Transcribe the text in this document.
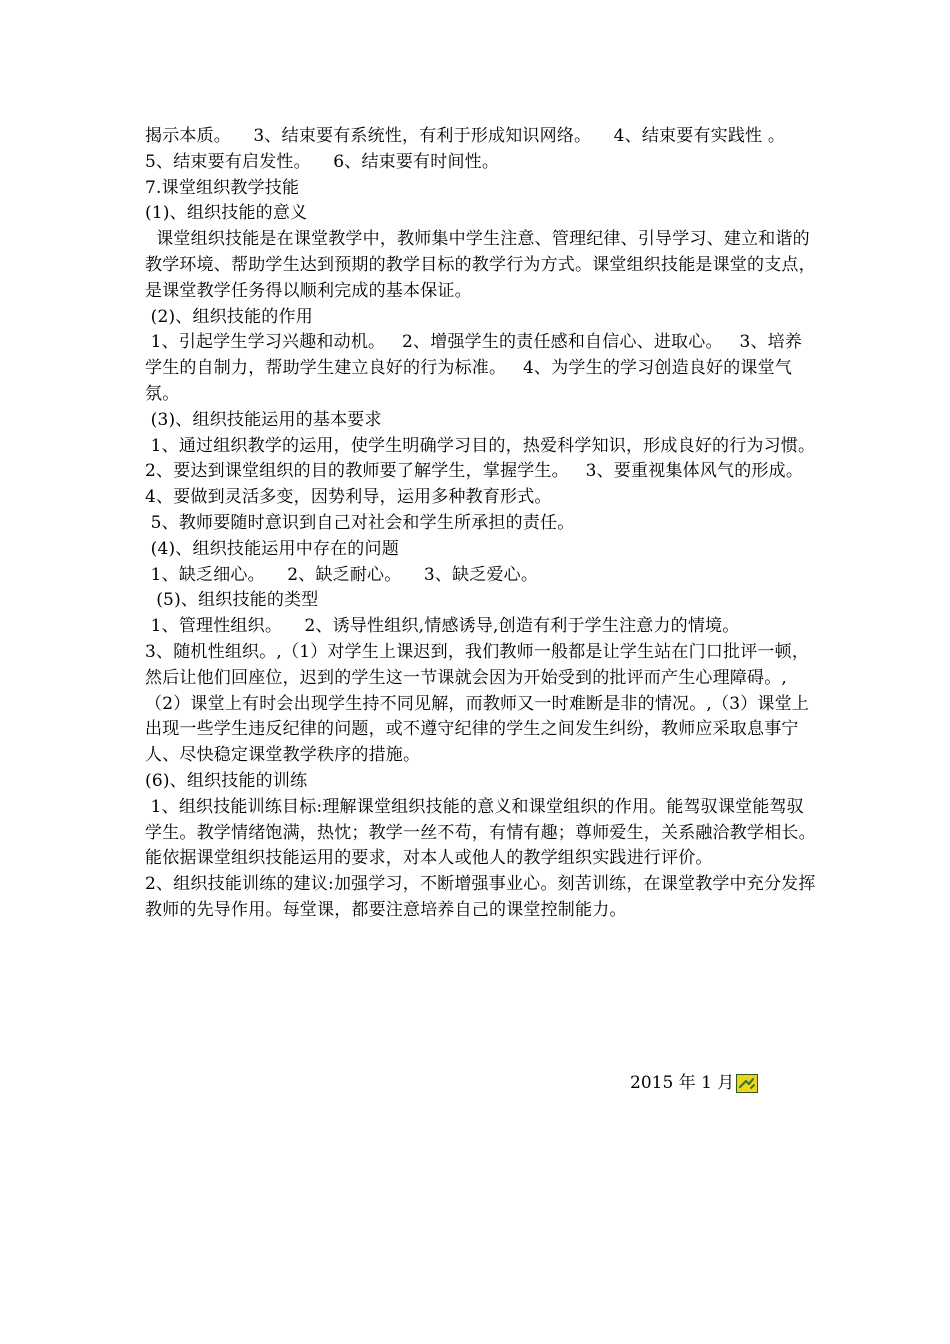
揭示本质。    3、结束要有系统性，有利于形成知识网络。    4、结束要有实践性 。    5、结束要有启发性。    6、结束要有时间性。

7.课堂组织教学技能

(1)、组织技能的意义

课堂组织技能是在课堂教学中，教师集中学生注意、管理纪律、引导学习、建立和谐的教学环境、帮助学生达到预期的教学目标的教学行为方式。课堂组织技能是课堂的支点，是课堂教学任务得以顺利完成的基本保证。

(2)、组织技能的作用

1、引起学生学习兴趣和动机。   2、增强学生的责任感和自信心、进取心。   3、培养学生的自制力，帮助学生建立良好的行为标准。   4、为学生的学习创造良好的课堂气氛。

(3)、组织技能运用的基本要求

1、通过组织教学的运用，使学生明确学习目的，热爱科学知识，形成良好的行为习惯。   2、要达到课堂组织的目的教师要了解学生，掌握学生。   3、要重视集体风气的形成。    4、要做到灵活多变，因势利导，运用多种教育形式。

5、教师要随时意识到自己对社会和学生所承担的责任。

(4)、组织技能运用中存在的问题

1、缺乏细心。    2、缺乏耐心。    3、缺乏爱心。

(5)、组织技能的类型

1、管理性组织。    2、诱导性组织,情感诱导,创造有利于学生注意力的情境。

3、随机性组织。,（1）对学生上课迟到，我们教师一般都是让学生站在门口批评一顿，然后让他们回座位，迟到的学生这一节课就会因为开始受到的批评而产生心理障碍。,（2）课堂上有时会出现学生持不同见解，而教师又一时难断是非的情况。,（3）课堂上出现一些学生违反纪律的问题，或不遵守纪律的学生之间发生纠纷，教师应采取息事宁人、尽快稳定课堂教学秩序的措施。

(6)、组织技能的训练

1、组织技能训练目标:理解课堂组织技能的意义和课堂组织的作用。能驾驭课堂能驾驭学生。教学情绪饱满，热忱；教学一丝不苟，有情有趣；尊师爱生，关系融洽教学相长。能依据课堂组织技能运用的要求，对本人或他人的教学组织实践进行评价。

2、组织技能训练的建议:加强学习，不断增强事业心。刻苦训练，在课堂教学中充分发挥教师的先导作用。每堂课，都要注意培养自己的课堂控制能力。

2015 年 1 月
